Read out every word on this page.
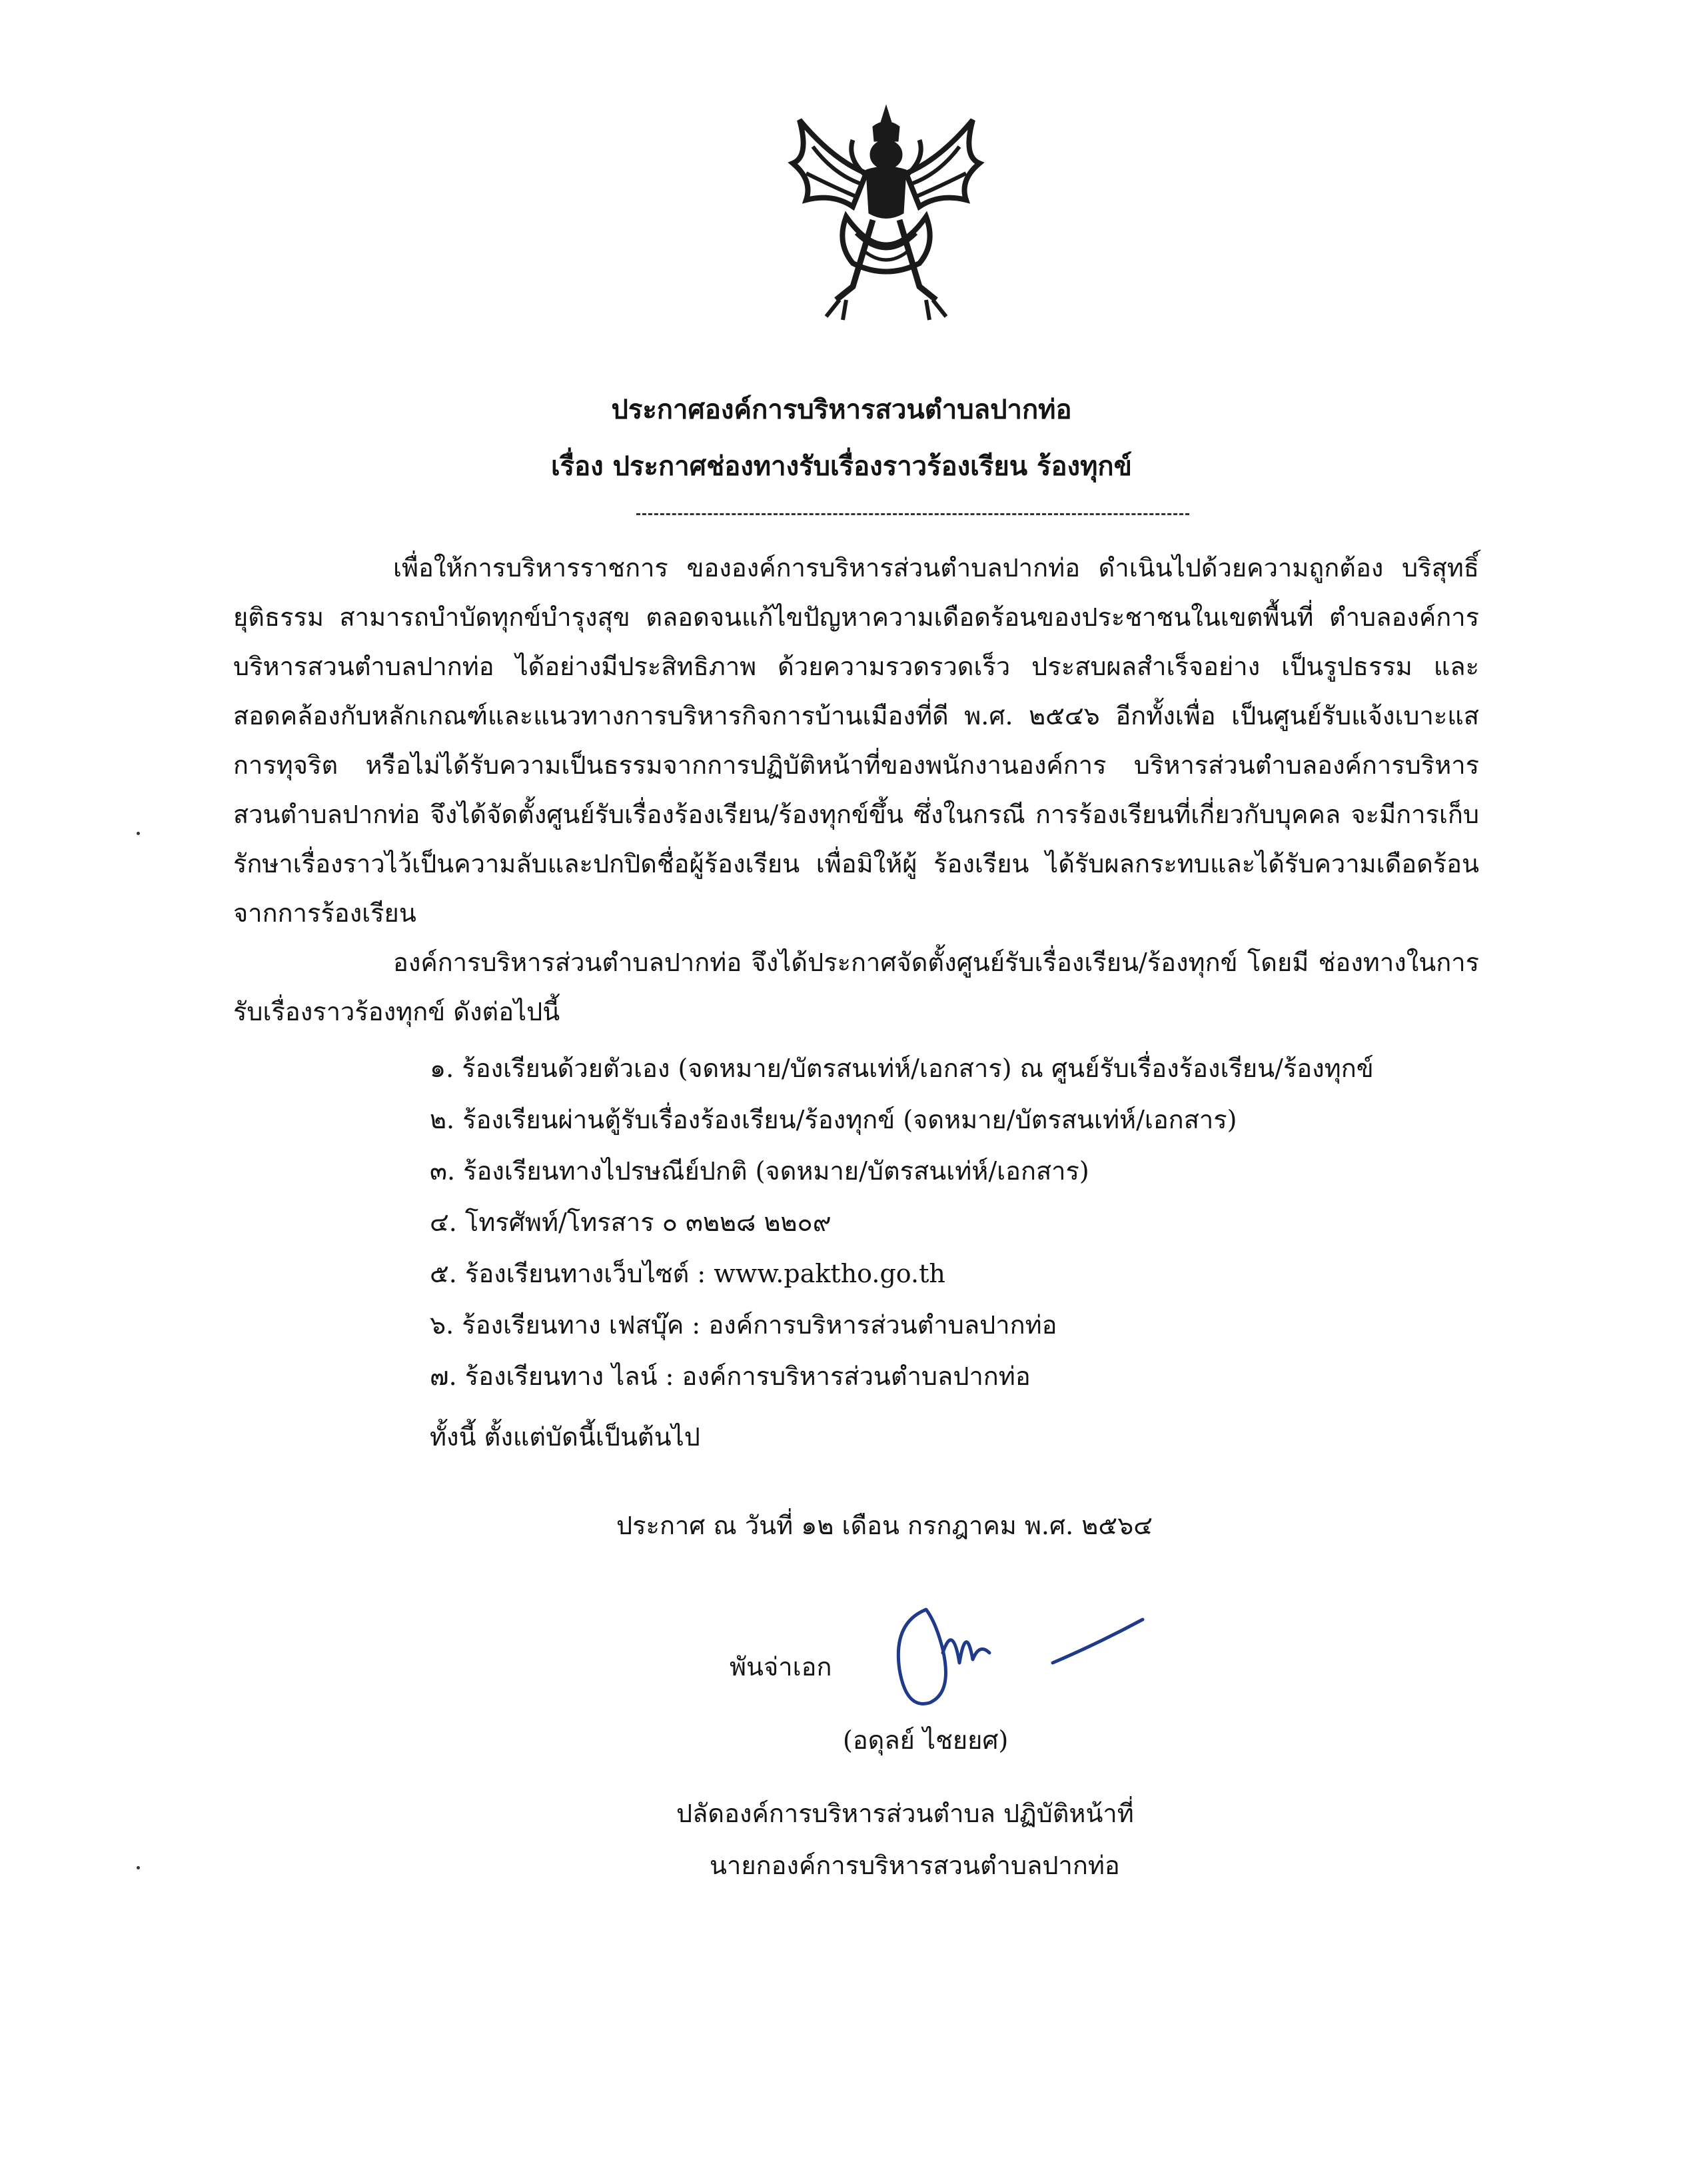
ประกาศองค์การบริหารสวนตำบลปากท่อ
เรื่อง ประกาศช่องทางรับเรื่องราวร้องเรียน ร้องทุกข์

เพื่อให้การบริหารราชการ ขององค์การบริหารส่วนตำบลปากท่อ ดำเนินไปด้วยความถูกต้อง บริสุทธิ์ ยุติธรรม สามารถบำบัดทุกข์บำรุงสุข ตลอดจนแก้ไขปัญหาความเดือดร้อนของประชาชนในเขตพื้นที่ ตำบลองค์การบริหารสวนตำบลปากท่อ ได้อย่างมีประสิทธิภาพ ด้วยความรวดรวดเร็ว ประสบผลสำเร็จอย่าง เป็นรูปธรรม และสอดคล้องกับหลักเกณฑ์และแนวทางการบริหารกิจการบ้านเมืองที่ดี พ.ศ. ๒๕๔๖ อีกทั้งเพื่อ เป็นศูนย์รับแจ้งเบาะแสการทุจริต หรือไม่ได้รับความเป็นธรรมจากการปฏิบัติหน้าที่ของพนักงานองค์การ บริหารส่วนตำบลองค์การบริหารสวนตำบลปากท่อ จึงได้จัดตั้งศูนย์รับเรื่องร้องเรียน/ร้องทุกข์ขึ้น ซึ่งในกรณี การร้องเรียนที่เกี่ยวกับบุคคล จะมีการเก็บรักษาเรื่องราวไว้เป็นความลับและปกปิดชื่อผู้ร้องเรียน เพื่อมิให้ผู้ ร้องเรียน ได้รับผลกระทบและได้รับความเดือดร้อนจากการร้องเรียน

องค์การบริหารส่วนตำบลปากท่อ จึงได้ประกาศจัดตั้งศูนย์รับเรื่องเรียน/ร้องทุกข์ โดยมี ช่องทางในการรับเรื่องราวร้องทุกข์ ดังต่อไปนี้

๑. ร้องเรียนด้วยตัวเอง (จดหมาย/บัตรสนเท่ห์/เอกสาร) ณ ศูนย์รับเรื่องร้องเรียน/ร้องทุกข์
๒. ร้องเรียนผ่านตู้รับเรื่องร้องเรียน/ร้องทุกข์ (จดหมาย/บัตรสนเท่ห์/เอกสาร)
๓. ร้องเรียนทางไปรษณีย์ปกติ (จดหมาย/บัตรสนเท่ห์/เอกสาร)
๔. โทรศัพท์/โทรสาร ๐ ๓๒๒๘ ๒๒๐๙
๕. ร้องเรียนทางเว็บไซต์ : www.paktho.go.th
๖. ร้องเรียนทาง เฟสบุ๊ค : องค์การบริหารส่วนตำบลปากท่อ
๗. ร้องเรียนทาง ไลน์ : องค์การบริหารส่วนตำบลปากท่อ
ทั้งนี้ ตั้งแต่บัดนี้เป็นต้นไป
ประกาศ ณ วันที่ ๑๒ เดือน กรกฎาคม พ.ศ. ๒๕๖๔
พันจ่าเอก
(อดุลย์ ไชยยศ)
ปลัดองค์การบริหารส่วนตำบล ปฏิบัติหน้าที่
นายกองค์การบริหารสวนตำบลปากท่อ
